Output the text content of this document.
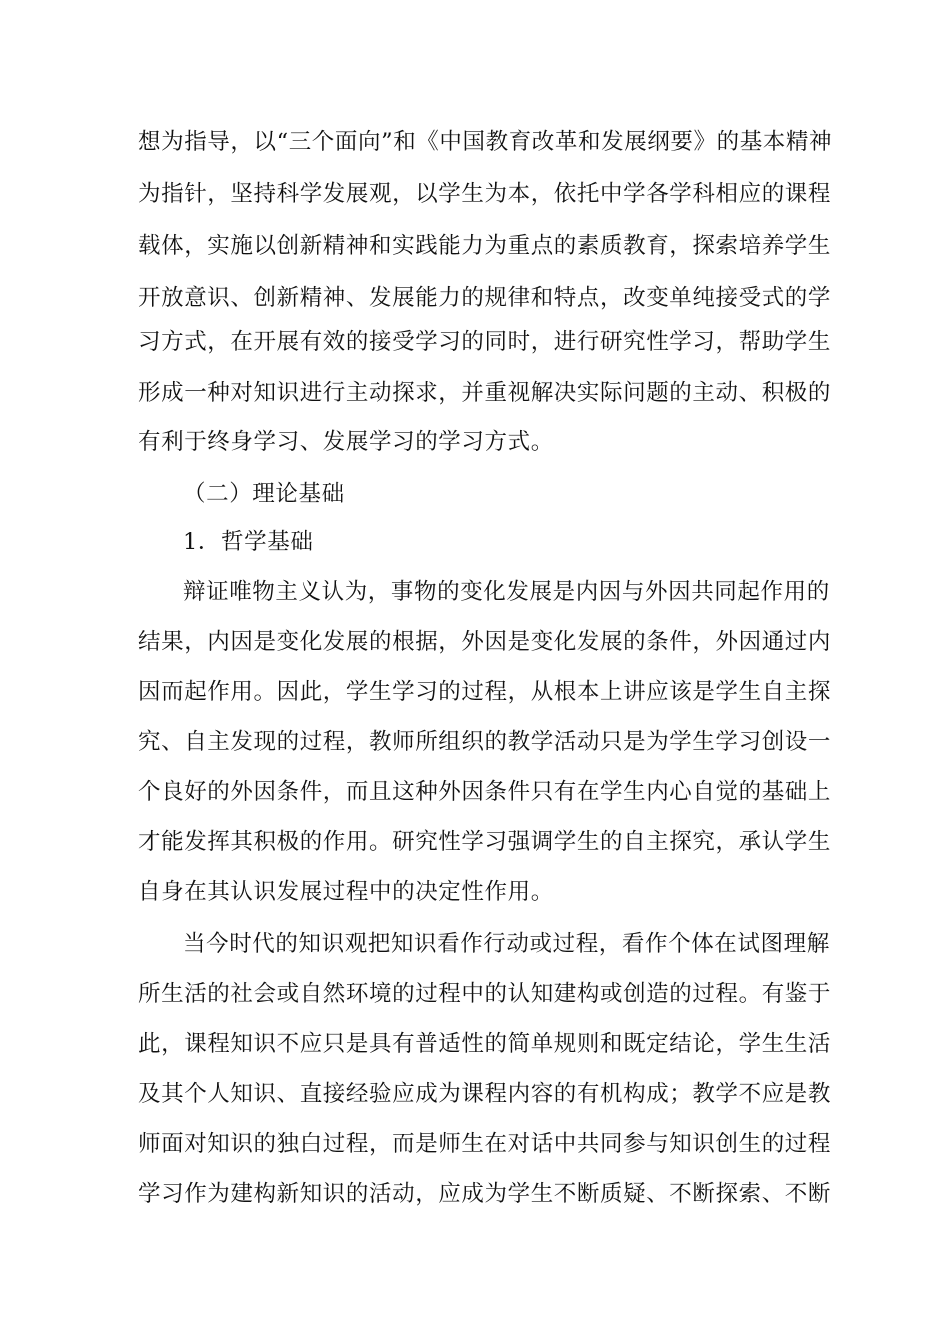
想为指导，以“三个面向”和《中国教育改革和发展纲要》的基本精神
为指针，坚持科学发展观，以学生为本，依托中学各学科相应的课程
载体，实施以创新精神和实践能力为重点的素质教育，探索培养学生
开放意识、创新精神、发展能力的规律和特点，改变单纯接受式的学
习方式，在开展有效的接受学习的同时，进行研究性学习，帮助学生
形成一种对知识进行主动探求，并重视解决实际问题的主动、积极的
有利于终身学习、发展学习的学习方式。
（二）理论基础
1．哲学基础
辩证唯物主义认为，事物的变化发展是内因与外因共同起作用的
结果，内因是变化发展的根据，外因是变化发展的条件，外因通过内
因而起作用。因此，学生学习的过程，从根本上讲应该是学生自主探
究、自主发现的过程，教师所组织的教学活动只是为学生学习创设一
个良好的外因条件，而且这种外因条件只有在学生内心自觉的基础上
才能发挥其积极的作用。研究性学习强调学生的自主探究，承认学生
自身在其认识发展过程中的决定性作用。
当今时代的知识观把知识看作行动或过程，看作个体在试图理解
所生活的社会或自然环境的过程中的认知建构或创造的过程。有鉴于
此，课程知识不应只是具有普适性的简单规则和既定结论，学生生活
及其个人知识、直接经验应成为课程内容的有机构成；教学不应是教
师面对知识的独白过程，而是师生在对话中共同参与知识创生的过程
学习作为建构新知识的活动，应成为学生不断质疑、不断探索、不断
